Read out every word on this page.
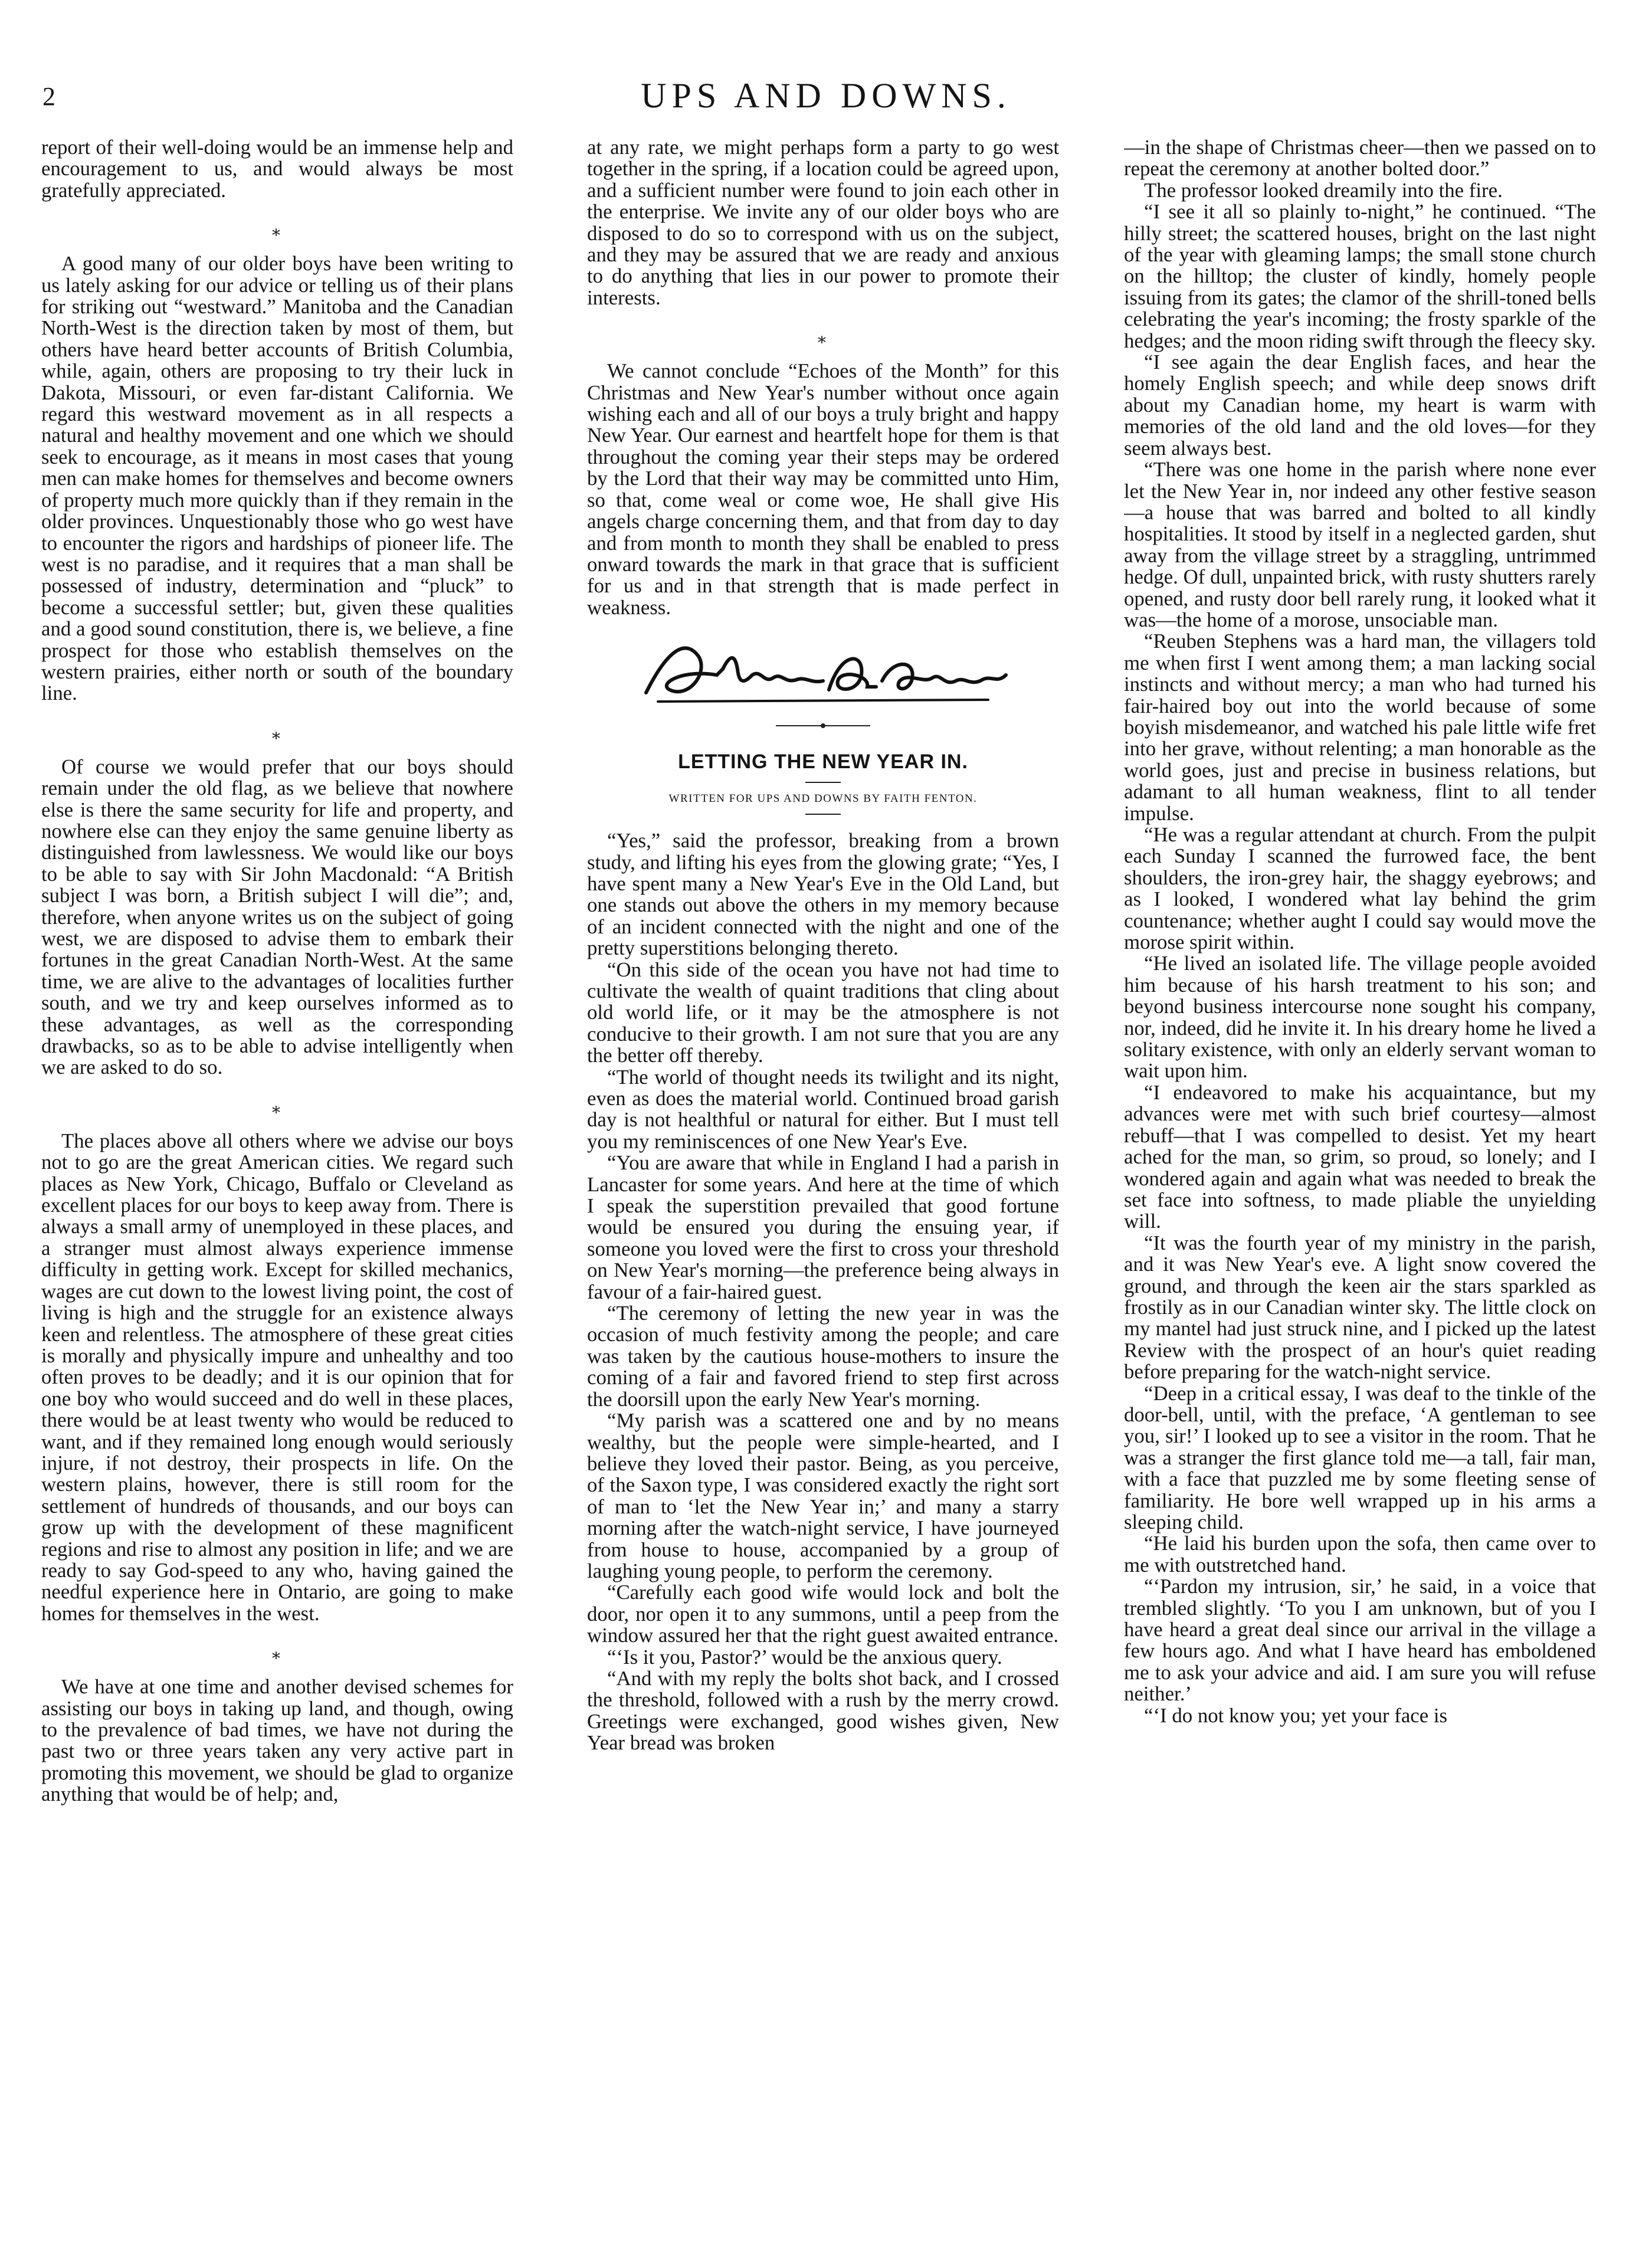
2	UPS AND DOWNS.

report of their well-doing would be an immense help and encouragement to us, and would always be most gratefully appreciated.

⁎

A good many of our older boys have been writing to us lately asking for our advice or telling us of their plans for striking out “westward.” Manitoba and the Canadian North-West is the direction taken by most of them, but others have heard better accounts of British Columbia, while, again, others are proposing to try their luck in Dakota, Missouri, or even far-distant California. We regard this westward movement as in all respects a natural and healthy movement and one which we should seek to encourage, as it means in most cases that young men can make homes for themselves and become owners of property much more quickly than if they remain in the older provinces. Unquestionably those who go west have to encounter the rigors and hardships of pioneer life. The west is no paradise, and it requires that a man shall be possessed of industry, determination and “pluck” to become a successful settler; but, given these qualities and a good sound constitution, there is, we believe, a fine prospect for those who establish themselves on the western prairies, either north or south of the boundary line.

⁎

Of course we would prefer that our boys should remain under the old flag, as we believe that nowhere else is there the same security for life and property, and nowhere else can they enjoy the same genuine liberty as distinguished from lawlessness. We would like our boys to be able to say with Sir John Macdonald: “A British subject I was born, a British subject I will die”; and, therefore, when anyone writes us on the subject of going west, we are disposed to advise them to embark their fortunes in the great Canadian North-West. At the same time, we are alive to the advantages of localities further south, and we try and keep ourselves informed as to these advantages, as well as the corresponding drawbacks, so as to be able to advise intelligently when we are asked to do so.

⁎

The places above all others where we advise our boys not to go are the great American cities. We regard such places as New York, Chicago, Buffalo or Cleveland as excellent places for our boys to keep away from. There is always a small army of unemployed in these places, and a stranger must almost always experience immense difficulty in getting work. Except for skilled mechanics, wages are cut down to the lowest living point, the cost of living is high and the struggle for an existence always keen and relentless. The atmosphere of these great cities is morally and physically impure and unhealthy and too often proves to be deadly; and it is our opinion that for one boy who would succeed and do well in these places, there would be at least twenty who would be reduced to want, and if they remained long enough would seriously injure, if not destroy, their prospects in life. On the western plains, however, there is still room for the settlement of hundreds of thousands, and our boys can grow up with the development of these magnificent regions and rise to almost any position in life; and we are ready to say God-speed to any who, having gained the needful experience here in Ontario, are going to make homes for themselves in the west.

⁎

We have at one time and another devised schemes for assisting our boys in taking up land, and though, owing to the prevalence of bad times, we have not during the past two or three years taken any very active part in promoting this movement, we should be glad to organize anything that would be of help; and,

at any rate, we might perhaps form a party to go west together in the spring, if a location could be agreed upon, and a sufficient number were found to join each other in the enterprise. We invite any of our older boys who are disposed to do so to correspond with us on the subject, and they may be assured that we are ready and anxious to do anything that lies in our power to promote their interests.

⁎

We cannot conclude “Echoes of the Month” for this Christmas and New Year's number without once again wishing each and all of our boys a truly bright and happy New Year. Our earnest and heartfelt hope for them is that throughout the coming year their steps may be ordered by the Lord that their way may be committed unto Him, so that, come weal or come woe, He shall give His angels charge concerning them, and that from day to day and from month to month they shall be enabled to press onward towards the mark in that grace that is sufficient for us and in that strength that is made perfect in weakness.

LETTING THE NEW YEAR IN.
WRITTEN FOR UPS AND DOWNS BY FAITH FENTON.

“Yes,” said the professor, breaking from a brown study, and lifting his eyes from the glowing grate; “Yes, I have spent many a New Year's Eve in the Old Land, but one stands out above the others in my memory because of an incident connected with the night and one of the pretty superstitions belonging thereto.

“On this side of the ocean you have not had time to cultivate the wealth of quaint traditions that cling about old world life, or it may be the atmosphere is not conducive to their growth. I am not sure that you are any the better off thereby.

“The world of thought needs its twilight and its night, even as does the material world. Continued broad garish day is not healthful or natural for either. But I must tell you my reminiscences of one New Year's Eve.

“You are aware that while in England I had a parish in Lancaster for some years. And here at the time of which I speak the superstition prevailed that good fortune would be ensured you during the ensuing year, if someone you loved were the first to cross your threshold on New Year's morning—the preference being always in favour of a fair-haired guest.

“The ceremony of letting the new year in was the occasion of much festivity among the people; and care was taken by the cautious house-mothers to insure the coming of a fair and favored friend to step first across the doorsill upon the early New Year's morning.

“My parish was a scattered one and by no means wealthy, but the people were simple-hearted, and I believe they loved their pastor. Being, as you perceive, of the Saxon type, I was considered exactly the right sort of man to ‘let the New Year in;’ and many a starry morning after the watch-night service, I have journeyed from house to house, accompanied by a group of laughing young people, to perform the ceremony.

“Carefully each good wife would lock and bolt the door, nor open it to any summons, until a peep from the window assured her that the right guest awaited entrance.

“‘Is it you, Pastor?’ would be the anxious query.

“And with my reply the bolts shot back, and I crossed the threshold, followed with a rush by the merry crowd. Greetings were exchanged, good wishes given, New Year bread was broken

—in the shape of Christmas cheer—then we passed on to repeat the ceremony at another bolted door.”

The professor looked dreamily into the fire.

“I see it all so plainly to-night,” he continued. “The hilly street; the scattered houses, bright on the last night of the year with gleaming lamps; the small stone church on the hilltop; the cluster of kindly, homely people issuing from its gates; the clamor of the shrill-toned bells celebrating the year's incoming; the frosty sparkle of the hedges; and the moon riding swift through the fleecy sky.

“I see again the dear English faces, and hear the homely English speech; and while deep snows drift about my Canadian home, my heart is warm with memories of the old land and the old loves—for they seem always best.

“There was one home in the parish where none ever let the New Year in, nor indeed any other festive season—a house that was barred and bolted to all kindly hospitalities. It stood by itself in a neglected garden, shut away from the village street by a straggling, untrimmed hedge. Of dull, unpainted brick, with rusty shutters rarely opened, and rusty door bell rarely rung, it looked what it was—the home of a morose, unsociable man.

“Reuben Stephens was a hard man, the villagers told me when first I went among them; a man lacking social instincts and without mercy; a man who had turned his fair-haired boy out into the world because of some boyish misdemeanor, and watched his pale little wife fret into her grave, without relenting; a man honorable as the world goes, just and precise in business relations, but adamant to all human weakness, flint to all tender impulse.

“He was a regular attendant at church. From the pulpit each Sunday I scanned the furrowed face, the bent shoulders, the iron-grey hair, the shaggy eyebrows; and as I looked, I wondered what lay behind the grim countenance; whether aught I could say would move the morose spirit within.

“He lived an isolated life. The village people avoided him because of his harsh treatment to his son; and beyond business intercourse none sought his company, nor, indeed, did he invite it. In his dreary home he lived a solitary existence, with only an elderly servant woman to wait upon him.

“I endeavored to make his acquaintance, but my advances were met with such brief courtesy—almost rebuff—that I was compelled to desist. Yet my heart ached for the man, so grim, so proud, so lonely; and I wondered again and again what was needed to break the set face into softness, to made pliable the unyielding will.

“It was the fourth year of my ministry in the parish, and it was New Year's eve. A light snow covered the ground, and through the keen air the stars sparkled as frostily as in our Canadian winter sky. The little clock on my mantel had just struck nine, and I picked up the latest Review with the prospect of an hour's quiet reading before preparing for the watch-night service.

“Deep in a critical essay, I was deaf to the tinkle of the door-bell, until, with the preface, ‘A gentleman to see you, sir!’ I looked up to see a visitor in the room. That he was a stranger the first glance told me—a tall, fair man, with a face that puzzled me by some fleeting sense of familiarity. He bore well wrapped up in his arms a sleeping child.

“He laid his burden upon the sofa, then came over to me with outstretched hand.

“‘Pardon my intrusion, sir,’ he said, in a voice that trembled slightly. ‘To you I am unknown, but of you I have heard a great deal since our arrival in the village a few hours ago. And what I have heard has emboldened me to ask your advice and aid. I am sure you will refuse neither.’

“‘I do not know you; yet your face is
